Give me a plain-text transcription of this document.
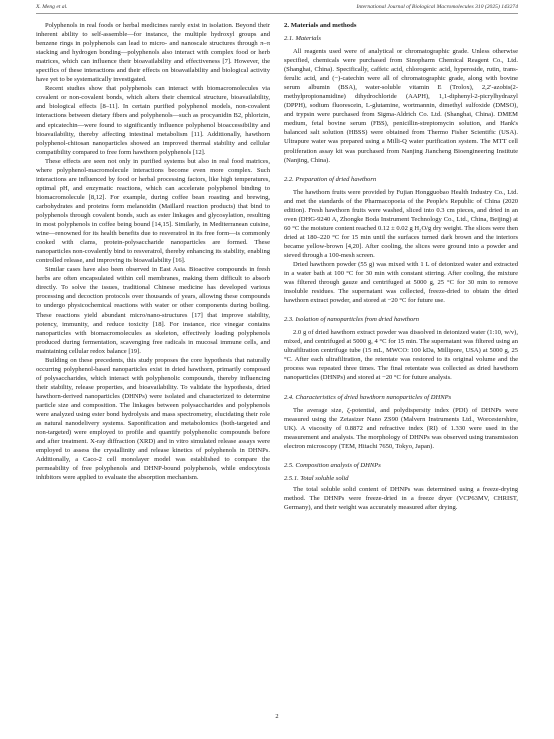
X. Meng et al.	International Journal of Biological Macromolecules 310 (2025) 143274

Polyphenols in real foods or herbal medicines rarely exist in isolation. Beyond their inherent ability to self-assemble—for instance, the multiple hydroxyl groups and benzene rings in polyphenols can lead to micro- and nanoscale structures through π–π stacking and hydrogen bonding—polyphenols also interact with complex food or herb matrices, which can influence their bioavailability and effectiveness [7]. However, the specifics of these interactions and their effects on bioavailability and biological activity have yet to be systematically investigated.

Recent studies show that polyphenols can interact with biomacromolecules via covalent or non-covalent bonds, which alters their chemical structure, bioavailability, and biological effects [8–11]. In certain purified polyphenol models, non-covalent interactions between dietary fibers and polyphenols—such as procyanidin B2, phlorizin, and epicatechin—were found to significantly influence polyphenol bioaccessibility and bioavailability, thereby affecting intestinal metabolism [11]. Additionally, hawthorn polyphenol-chitosan nanoparticles showed an improved thermal stability and cellular compatibility compared to free form hawthorn polyphenols [12].

These effects are seen not only in purified systems but also in real food matrices, where polyphenol-macromolecule interactions become even more complex. Such interactions are influenced by food or herbal processing factors, like high temperatures, optimal pH, and enzymatic reactions, which can accelerate polyphenol binding to biomacromolecule [8,12]. For example, during coffee bean roasting and brewing, carbohydrates and proteins form melanoidin (Maillard reaction products) that bind to polyphenols through covalent bonds, such as ester linkages and glycosylation, resulting in most polyphenols in coffee being bound [14,15]. Similarly, in Mediterranean cuisine, wine—renowned for its health benefits due to resveratrol in its free form—is commonly cooked with clams, protein-polysaccharide nanoparticles are formed. These nanoparticles non-covalently bind to resveratrol, thereby enhancing its stability, enabling controlled release, and improving its bioavailability [16].

Similar cases have also been observed in East Asia. Bioactive compounds in fresh herbs are often encapsulated within cell membranes, making them difficult to absorb directly. To solve the issues, traditional Chinese medicine has developed various processing and decoction protocols over thousands of years, allowing these compounds to undergo physicochemical reactions with water or other components during boiling. These reactions yield abundant micro/nano-structures [17] that improve stability, potency, immunity, and reduce toxicity [18]. For instance, rice vinegar contains nanoparticles with biomacromolecules as skeleton, effectively loading polyphenols produced during fermentation, scavenging free radicals in mucosal immune cells, and maintaining cellular redox balance [19].

Building on these precedents, this study proposes the core hypothesis that naturally occurring polyphenol-based nanoparticles exist in dried hawthorn, primarily composed of polysaccharides, which interact with polyphenolic compounds, thereby influencing their stability, release properties, and bioavailability. To validate the hypothesis, dried hawthorn-derived nanoparticles (DHNPs) were isolated and characterized to determine particle size and composition. The linkages between polysaccharides and polyphenols were analyzed using ester bond hydrolysis and mass spectrometry, elucidating their role as natural nanodelivery systems. Saponification and metabolomics (both-targeted and non-targeted) were employed to profile and quantify polyphenolic compounds before and after treatment. X-ray diffraction (XRD) and in vitro simulated release assays were employed to assess the crystallinity and release kinetics of polyphenols in DHNPs. Additionally, a Caco-2 cell monolayer model was established to compare the permeability of free polyphenols and DHNP-bound polyphenols, while endocytosis inhibitors were applied to evaluate the absorption mechanism.

2. Materials and methods
2.1. Materials

All reagents used were of analytical or chromatographic grade. Unless otherwise specified, chemicals were purchased from Sinopharm Chemical Reagent Co., Ltd. (Shanghai, China). Specifically, caffeic acid, chlorogenic acid, hyperoside, rutin, trans-ferulic acid, and (−)-catechin were all of chromatographic grade, along with bovine serum albumin (BSA), water-soluble vitamin E (Trolox), 2,2′-azobis(2-methylpropionamidine) dihydrochloride (AAPH), 1,1-diphenyl-2-picrylhydrazyl (DPPH), sodium fluorescein, L-glutamine, wortmannin, dimethyl sulfoxide (DMSO), and trypsin were purchased from Sigma-Aldrich Co. Ltd. (Shanghai, China). DMEM medium, fetal bovine serum (FBS), penicillin-streptomycin solution, and Hank's balanced salt solution (HBSS) were obtained from Thermo Fisher Scientific (USA). Ultrapure water was prepared using a Milli-Q water purification system. The MTT cell proliferation assay kit was purchased from Nanjing Jiancheng Bioengineering Institute (Nanjing, China).

2.2. Preparation of dried hawthorn

The hawthorn fruits were provided by Fujian Hongguobao Health Industry Co., Ltd. and met the standards of the Pharmacopoeia of the People's Republic of China (2020 edition). Fresh hawthorn fruits were washed, sliced into 0.3 cm pieces, and dried in an oven (DHG-9240 A, Zhongke Boda Instrument Technology Co., Ltd., China, Beijing) at 60 °C the moisture content reached 0.12 ± 0.02 g H₂O/g dry weight. The slices were then dried at 180–220 °C for 15 min until the surfaces turned dark brown and the interiors became yellow-brown [4,20]. After cooling, the slices were ground into a powder and sieved through a 100-mesh screen.

Dried hawthorn powder (55 g) was mixed with 1 L of deionized water and extracted in a water bath at 100 °C for 30 min with constant stirring. After cooling, the mixture was filtered through gauze and centrifuged at 5000 g, 25 °C for 30 min to remove insoluble residues. The supernatant was collected, freeze-dried to obtain the dried hawthorn extract powder, and stored at −20 °C for future use.

2.3. Isolation of nanoparticles from dried hawthorn

2.0 g of dried hawthorn extract powder was dissolved in deionized water (1:10, w/v), mixed, and centrifuged at 5000 g, 4 °C for 15 min. The supernatant was filtered using an ultrafiltration centrifuge tube (15 mL, MWCO: 100 kDa, Millipore, USA) at 5000 g, 25 °C. After each ultrafiltration, the retentate was restored to its original volume and the process was repeated three times. The final retentate was collected as dried hawthorn nanoparticles (DHNPs) and stored at −20 °C for future analysis.

2.4. Characteristics of dried hawthorn nanoparticles of DHNPs

The average size, ζ-potential, and polydispersity index (PDI) of DHNPs were measured using the Zetasizer Nano ZS90 (Malvern Instruments Ltd., Worcestershire, UK). A viscosity of 0.8872 and refractive index (RI) of 1.330 were used in the measurement and analysis. The morphology of DHNPs was observed using transmission electron microscopy (TEM, Hitachi 7650, Tokyo, Japan).

2.5. Composition analysis of DHNPs
2.5.1. Total soluble solid

The total soluble solid content of DHNPs was determined using a freeze-drying method. The DHNPs were freeze-dried in a freeze dryer (VCP63MV, CHRIST, Germany), and their weight was accurately measured after drying.

2
